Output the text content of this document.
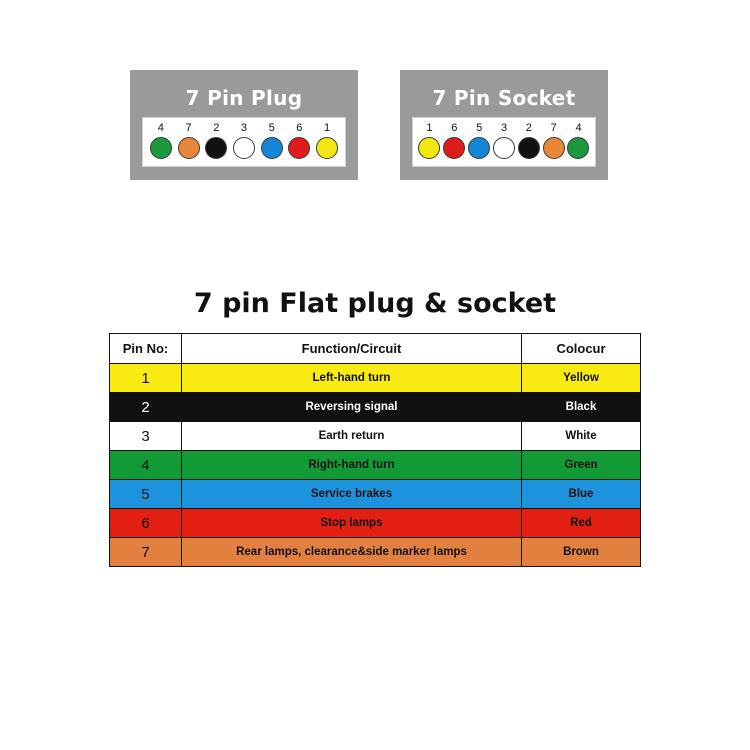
7 Pin Plug
4	7	2	3	5	6	1
7 Pin Socket
1	6	5	3	2	7	4
7 pin Flat plug & socket
Pin No:	Function/Circuit	Colocur
1	Left-hand turn	Yellow
2	Reversing signal	Black
3	Earth return	White
4	Right-hand turn	Green
5	Service brakes	Blue
6	Stop lamps	Red
7	Rear lamps, clearance&side marker lamps	Brown
